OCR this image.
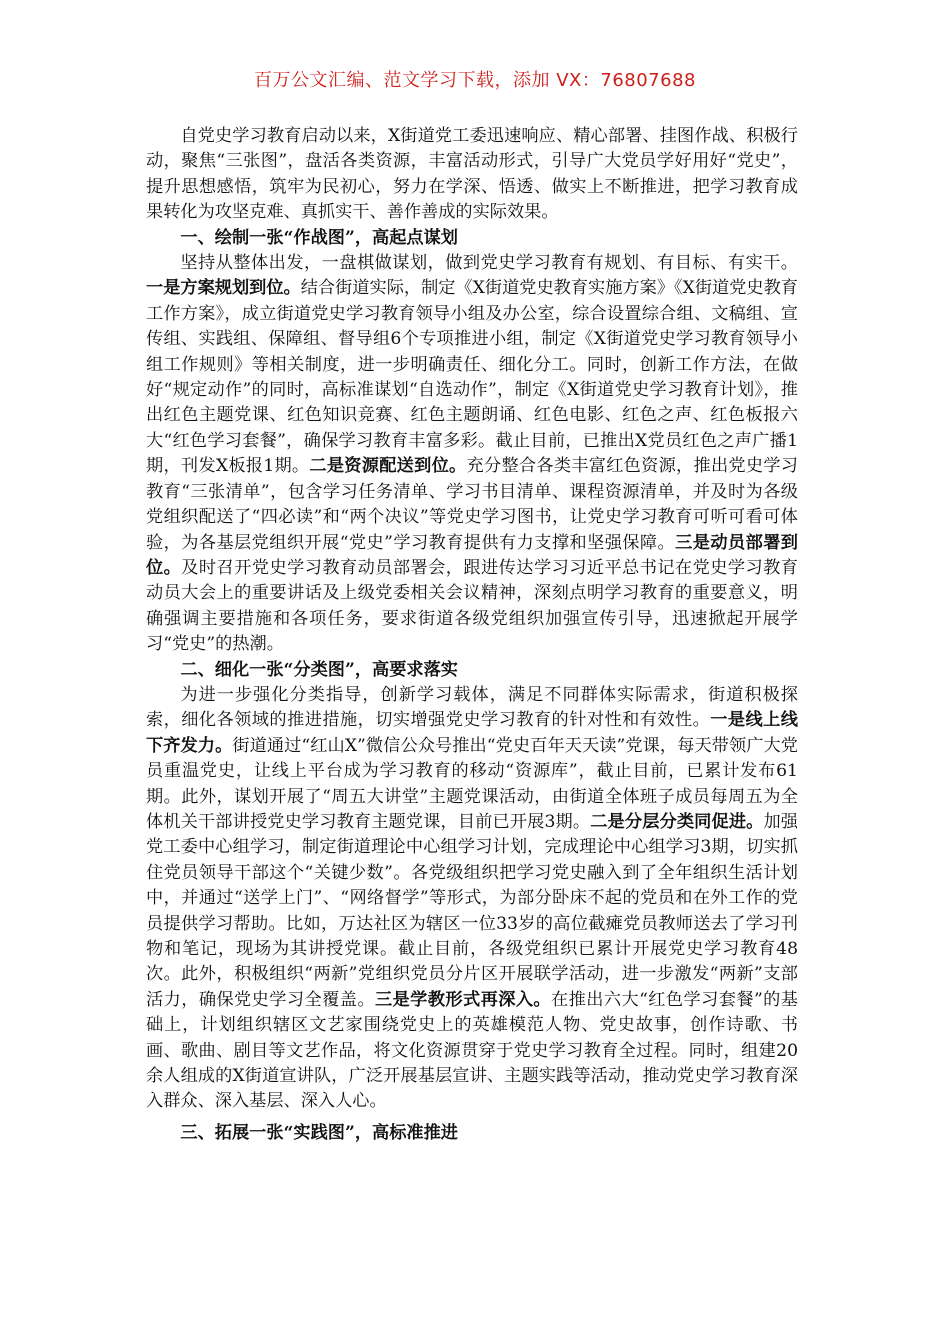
百万公文汇编、范文学习下载，添加 VX：76807688

自党史学习教育启动以来，X街道党工委迅速响应、精心部署、挂图作战、积极行动，聚焦“三张图”，盘活各类资源，丰富活动形式，引导广大党员学好用好“党史”，提升思想感悟，筑牢为民初心，努力在学深、悟透、做实上不断推进，把学习教育成果转化为攻坚克难、真抓实干、善作善成的实际效果。

一、绘制一张“作战图”，高起点谋划

坚持从整体出发，一盘棋做谋划，做到党史学习教育有规划、有目标、有实干。一是方案规划到位。结合街道实际，制定《X街道党史教育实施方案》《X街道党史教育工作方案》，成立街道党史学习教育领导小组及办公室，综合设置综合组、文稿组、宣传组、实践组、保障组、督导组6个专项推进小组，制定《X街道党史学习教育领导小组工作规则》等相关制度，进一步明确责任、细化分工。同时，创新工作方法，在做好“规定动作”的同时，高标准谋划“自选动作”，制定《X街道党史学习教育计划》，推出红色主题党课、红色知识竞赛、红色主题朗诵、红色电影、红色之声、红色板报六大“红色学习套餐”，确保学习教育丰富多彩。截止目前，已推出X党员红色之声广播1期，刊发X板报1期。二是资源配送到位。充分整合各类丰富红色资源，推出党史学习教育“三张清单”，包含学习任务清单、学习书目清单、课程资源清单，并及时为各级党组织配送了“四必读”和“两个决议”等党史学习图书，让党史学习教育可听可看可体验，为各基层党组织开展“党史”学习教育提供有力支撑和坚强保障。三是动员部署到位。及时召开党史学习教育动员部署会，跟进传达学习习近平总书记在党史学习教育动员大会上的重要讲话及上级党委相关会议精神，深刻点明学习教育的重要意义，明确强调主要措施和各项任务，要求街道各级党组织加强宣传引导，迅速掀起开展学习“党史”的热潮。

二、细化一张“分类图”，高要求落实

为进一步强化分类指导，创新学习载体，满足不同群体实际需求，街道积极探索，细化各领域的推进措施，切实增强党史学习教育的针对性和有效性。一是线上线下齐发力。街道通过“红山X”微信公众号推出“党史百年天天读”党课，每天带领广大党员重温党史，让线上平台成为学习教育的移动“资源库”，截止目前，已累计发布61期。此外，谋划开展了“周五大讲堂”主题党课活动，由街道全体班子成员每周五为全体机关干部讲授党史学习教育主题党课，目前已开展3期。二是分层分类同促进。加强党工委中心组学习，制定街道理论中心组学习计划，完成理论中心组学习3期，切实抓住党员领导干部这个“关键少数”。各党级组织把学习党史融入到了全年组织生活计划中，并通过“送学上门”、“网络督学”等形式，为部分卧床不起的党员和在外工作的党员提供学习帮助。比如，万达社区为辖区一位33岁的高位截瘫党员教师送去了学习刊物和笔记，现场为其讲授党课。截止目前，各级党组织已累计开展党史学习教育48次。此外，积极组织“两新”党组织党员分片区开展联学活动，进一步激发“两新”支部活力，确保党史学习全覆盖。三是学教形式再深入。在推出六大“红色学习套餐”的基础上，计划组织辖区文艺家围绕党史上的英雄模范人物、党史故事，创作诗歌、书画、歌曲、剧目等文艺作品，将文化资源贯穿于党史学习教育全过程。同时，组建20余人组成的X街道宣讲队，广泛开展基层宣讲、主题实践等活动，推动党史学习教育深入群众、深入基层、深入人心。

三、拓展一张“实践图”，高标准推进
